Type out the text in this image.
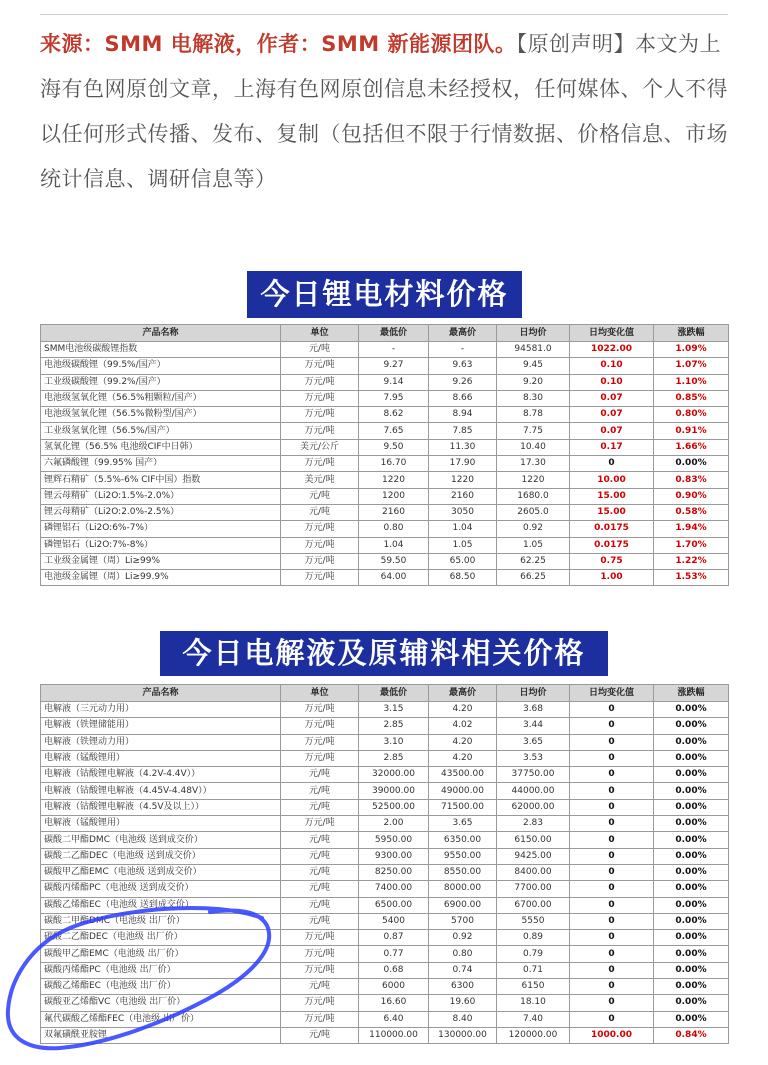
来源：SMM 电解液，作者：SMM 新能源团队。【原创声明】本文为上海有色网原创文章，上海有色网原创信息未经授权，任何媒体、个人不得以任何形式传播、发布、复制（包括但不限于行情数据、价格信息、市场统计信息、调研信息等）
今日锂电材料价格
产品名称	单位	最低价	最高价	日均价	日均变化值	涨跌幅
SMM电池级碳酸锂指数	元/吨	-	-	94581.0	1022.00	1.09%
电池级碳酸锂（99.5%/国产）	万元/吨	9.27	9.63	9.45	0.10	1.07%
工业级碳酸锂（99.2%/国产）	万元/吨	9.14	9.26	9.20	0.10	1.10%
电池级氢氧化锂（56.5%粗颗粒/国产）	万元/吨	7.95	8.66	8.30	0.07	0.85%
电池级氢氧化锂（56.5%微粉型/国产）	万元/吨	8.62	8.94	8.78	0.07	0.80%
工业级氢氧化锂（56.5%/国产）	万元/吨	7.65	7.85	7.75	0.07	0.91%
氢氧化锂（56.5% 电池级CIF中日韩）	美元/公斤	9.50	11.30	10.40	0.17	1.66%
六氟磷酸锂（99.95% 国产）	万元/吨	16.70	17.90	17.30	0	0.00%
锂辉石精矿（5.5%-6% CIF中国）指数	美元/吨	1220	1220	1220	10.00	0.83%
锂云母精矿（Li2O:1.5%-2.0%）	元/吨	1200	2160	1680.0	15.00	0.90%
锂云母精矿（Li2O:2.0%-2.5%）	元/吨	2160	3050	2605.0	15.00	0.58%
磷锂铝石（Li2O:6%-7%）	万元/吨	0.80	1.04	0.92	0.0175	1.94%
磷锂铝石（Li2O:7%-8%）	万元/吨	1.04	1.05	1.05	0.0175	1.70%
工业级金属锂（周）Li≥99%	万元/吨	59.50	65.00	62.25	0.75	1.22%
电池级金属锂（周）Li≥99.9%	万元/吨	64.00	68.50	66.25	1.00	1.53%
今日电解液及原辅料相关价格
产品名称	单位	最低价	最高价	日均价	日均变化值	涨跌幅
电解液（三元动力用）	万元/吨	3.15	4.20	3.68	0	0.00%
电解液（铁锂储能用）	万元/吨	2.85	4.02	3.44	0	0.00%
电解液（铁锂动力用）	万元/吨	3.10	4.20	3.65	0	0.00%
电解液（锰酸锂用）	万元/吨	2.85	4.20	3.53	0	0.00%
电解液（钴酸锂电解液（4.2V-4.4V））	元/吨	32000.00	43500.00	37750.00	0	0.00%
电解液（钴酸锂电解液（4.45V-4.48V））	元/吨	39000.00	49000.00	44000.00	0	0.00%
电解液（钴酸锂电解液（4.5V及以上））	元/吨	52500.00	71500.00	62000.00	0	0.00%
电解液（锰酸锂用）	万元/吨	2.00	3.65	2.83	0	0.00%
碳酸二甲酯DMC（电池级 送到成交价）	元/吨	5950.00	6350.00	6150.00	0	0.00%
碳酸二乙酯DEC（电池级 送到成交价）	元/吨	9300.00	9550.00	9425.00	0	0.00%
碳酸甲乙酯EMC（电池级 送到成交价）	元/吨	8250.00	8550.00	8400.00	0	0.00%
碳酸丙烯酯PC（电池级 送到成交价）	元/吨	7400.00	8000.00	7700.00	0	0.00%
碳酸乙烯酯EC（电池级 送到成交价）	元/吨	6500.00	6900.00	6700.00	0	0.00%
碳酸二甲酯DMC（电池级 出厂价）	元/吨	5400	5700	5550	0	0.00%
碳酸二乙酯DEC（电池级 出厂价）	万元/吨	0.87	0.92	0.89	0	0.00%
碳酸甲乙酯EMC（电池级 出厂价）	万元/吨	0.77	0.80	0.79	0	0.00%
碳酸丙烯酯PC（电池级 出厂价）	万元/吨	0.68	0.74	0.71	0	0.00%
碳酸乙烯酯EC（电池级 出厂价）	元/吨	6000	6300	6150	0	0.00%
碳酸亚乙烯酯VC（电池级 出厂价）	万元/吨	16.60	19.60	18.10	0	0.00%
氟代碳酸乙烯酯FEC（电池级 出厂价）	万元/吨	6.40	8.40	7.40	0	0.00%
双氟磺酰亚胺锂	元/吨	110000.00	130000.00	120000.00	1000.00	0.84%
